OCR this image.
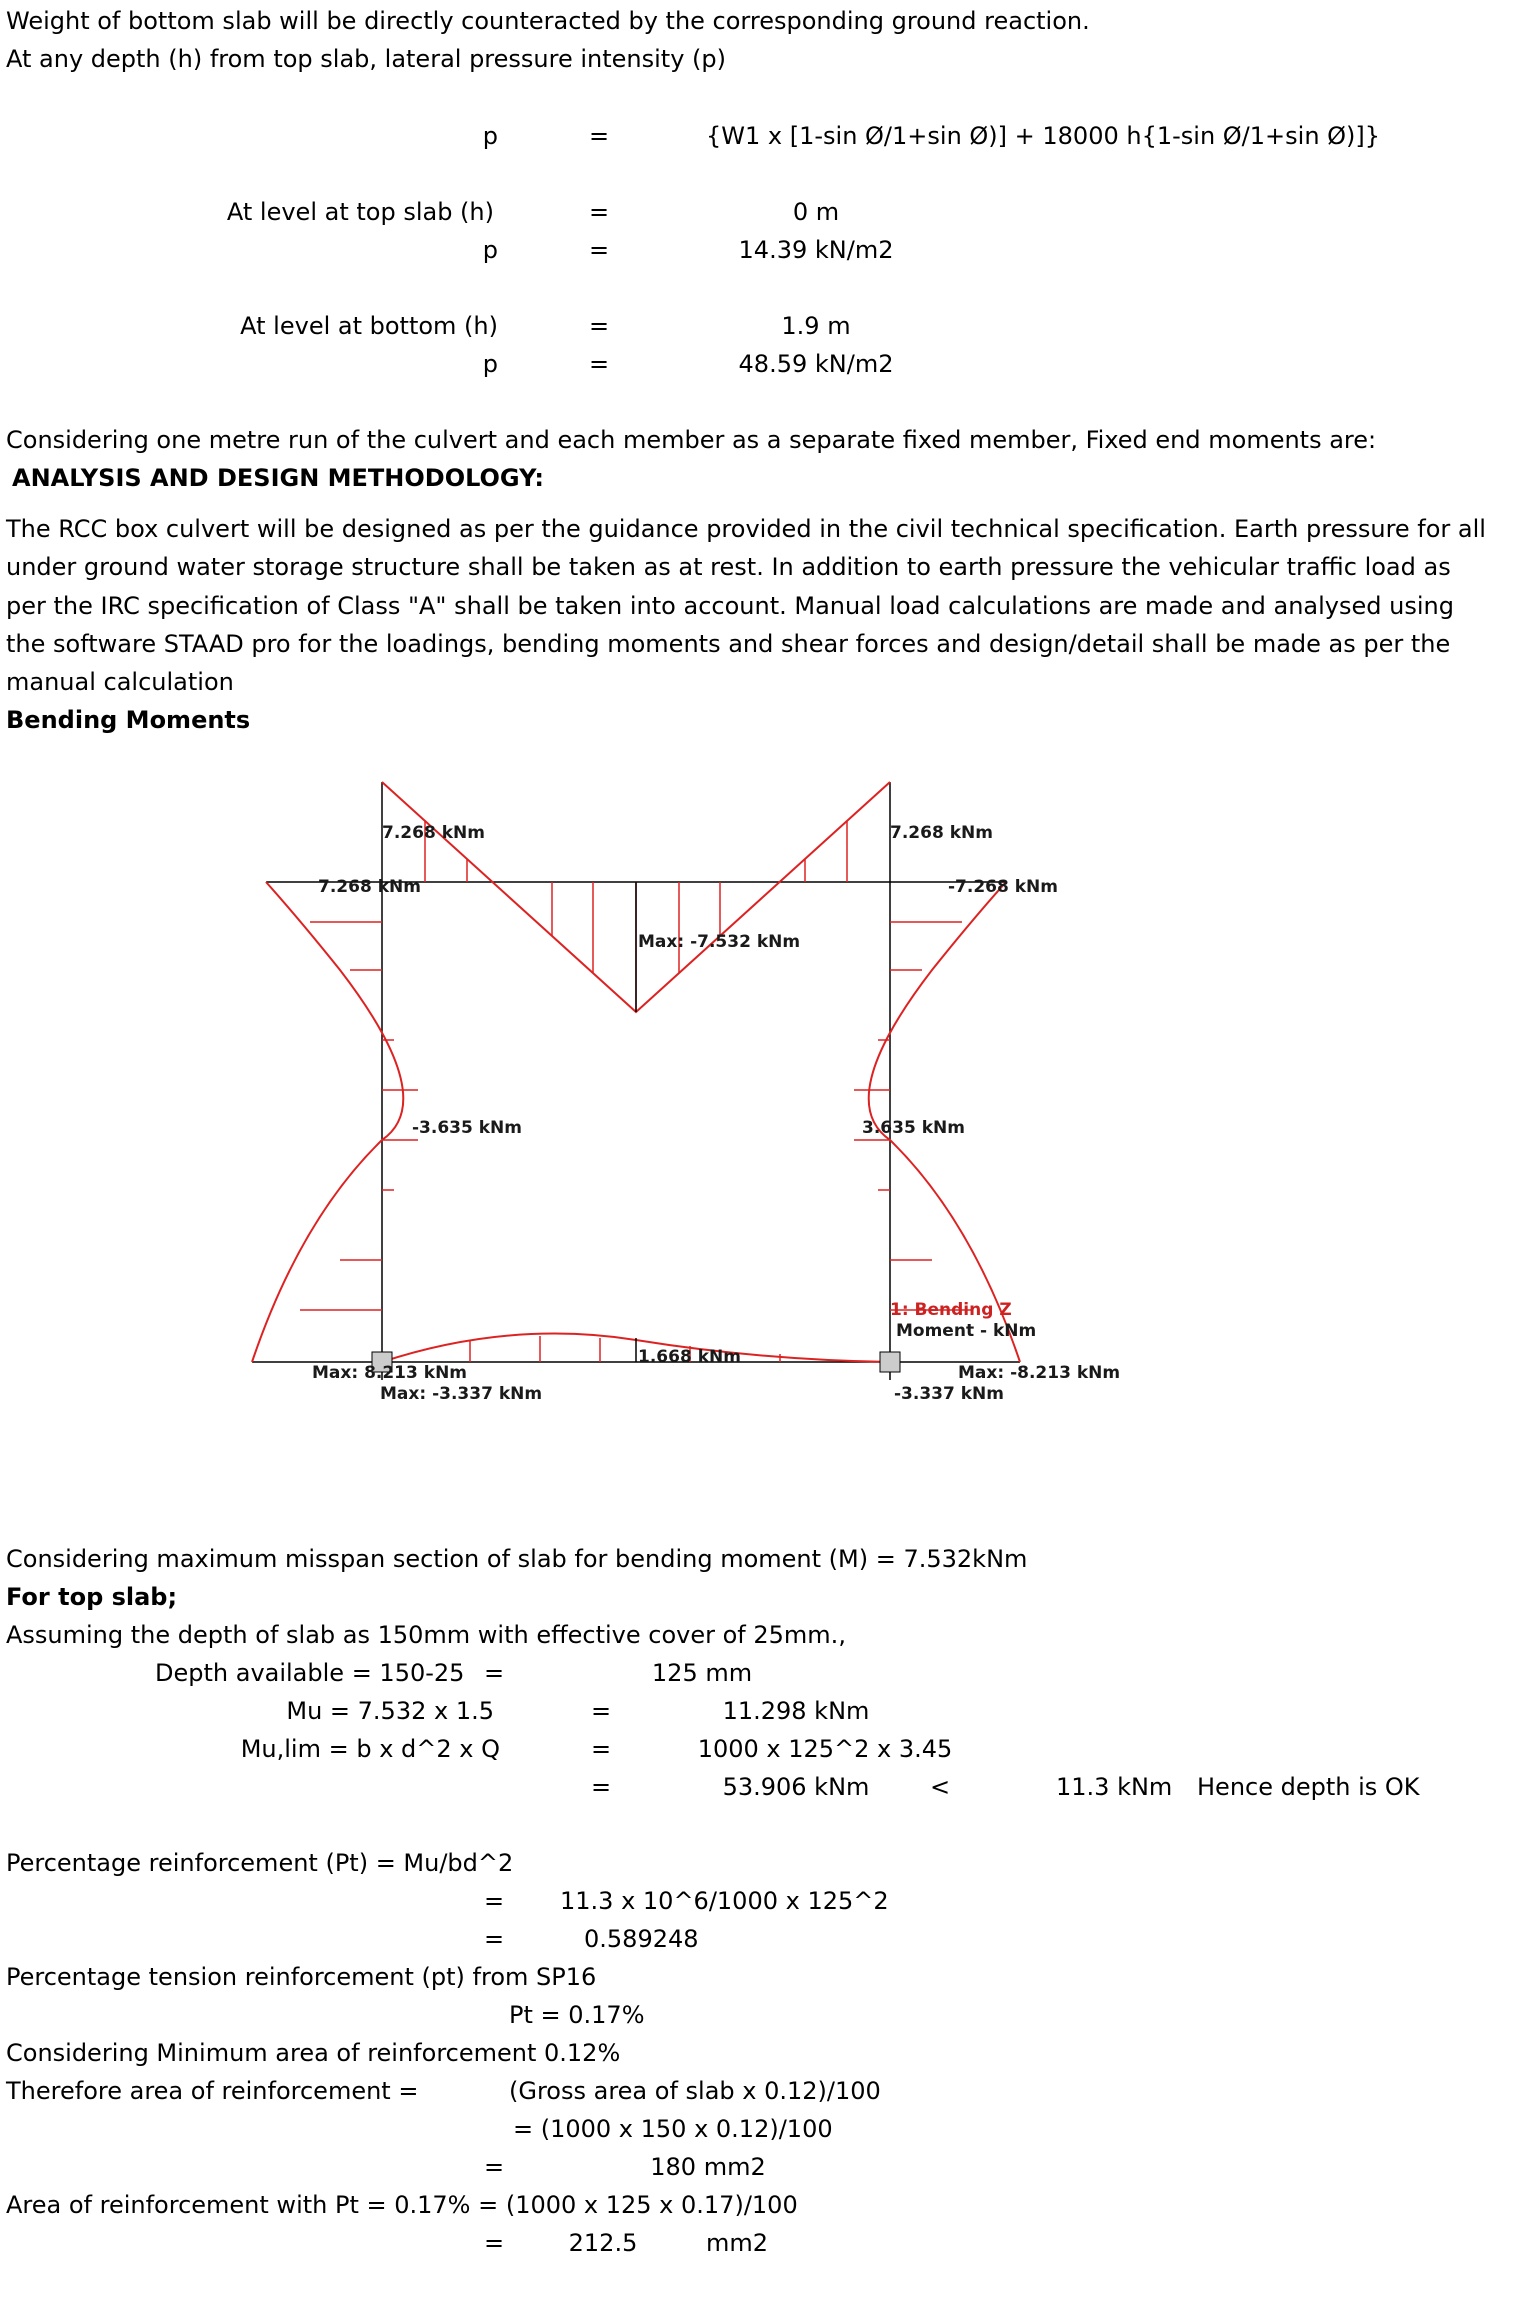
Weight of bottom slab will be directly counteracted by the corresponding ground reaction.
At any depth (h) from top slab, lateral pressure intensity (p)
p	=	{W1 x [1-sin Ø/1+sin Ø)] + 18000 h{1-sin Ø/1+sin Ø)]}
At level at top slab (h)	=	0 m
p	=	14.39 kN/m2
At level at bottom (h)	=	1.9 m
p	=	48.59 kN/m2
Considering one metre run of the culvert and each member as a separate fixed member, Fixed end moments are:
ANALYSIS AND DESIGN METHODOLOGY:
The RCC box culvert will be designed as per the guidance provided in the civil technical specification. Earth pressure for all under ground water storage structure shall be taken as at rest. In addition to earth pressure the vehicular traffic load as per the IRC specification of Class "A" shall be taken into account. Manual load calculations are made and analysed using the software STAAD pro for the loadings, bending moments and shear forces and design/detail shall be made as per the manual calculation
Bending Moments
7.268 kNm
7.268 kNm
7.268 kNm
-7.268 kNm
Max: -7.532 kNm
-3.635 kNm	3.635 kNm
1.668 kNm
Max: 8.213 kNm
Max: -3.337 kNm
Max: -8.213 kNm
-3.337 kNm
1: Bending Z
Moment - kNm
Considering maximum misspan section of slab for bending moment (M) = 7.532kNm
For top slab;
Assuming the depth of slab as 150mm with effective cover of 25mm.,
Depth available = 150-25 =	125 mm
Mu = 7.532 x 1.5	=	11.298 kNm
Mu,lim = b x d^2 x Q	=	1000 x 125^2 x 3.45
=	53.906 kNm	<	11.3 kNm Hence depth is OK
Percentage reinforcement (Pt) = Mu/bd^2
= 11.3 x 10^6/1000 x 125^2
=	0.589248
Percentage tension reinforcement (pt) from SP16
Pt = 0.17%
Considering Minimum area of reinforcement 0.12%
Therefore area of reinforcement =	(Gross area of slab x 0.12)/100
= (1000 x 150 x 0.12)/100
=	180 mm2
Area of reinforcement with Pt = 0.17% = (1000 x 125 x 0.17)/100
=	212.5	mm2
